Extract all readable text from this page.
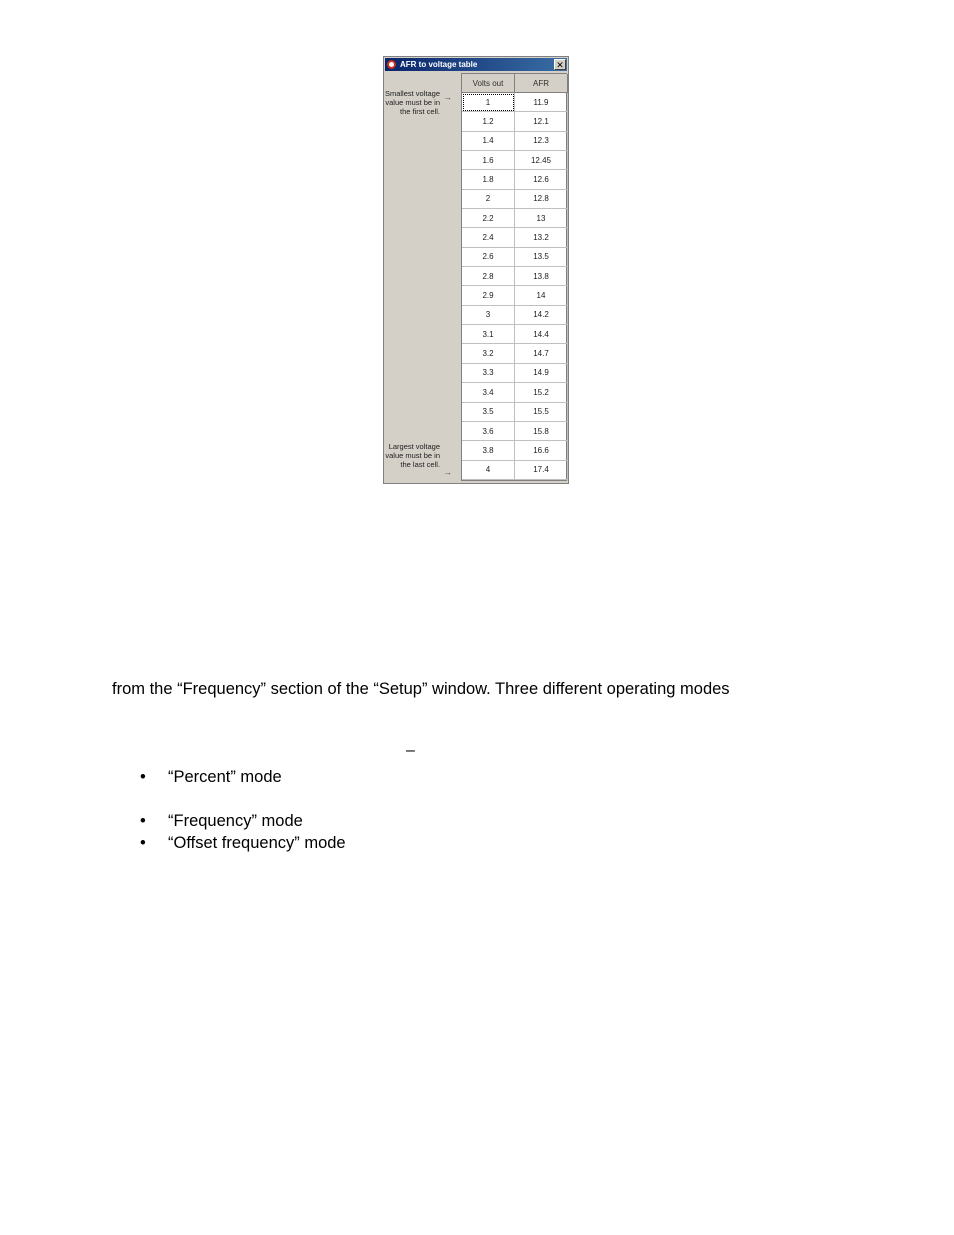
AFR to voltage table	✕
Smallest voltage value must be in the first cell.
→
Largest voltage value must be in the last cell.
→
Volts out	AFR
1	11.9
1.2	12.1
1.4	12.3
1.6	12.45
1.8	12.6
2	12.8
2.2	13
2.4	13.2
2.6	13.5
2.8	13.8
2.9	14
3	14.2
3.1	14.4
3.2	14.7
3.3	14.9
3.4	15.2
3.5	15.5
3.6	15.8
3.8	16.6
4	17.4
from the “Frequency” section of the “Setup” window. Three different operating modes
–
• “Percent” mode
• “Frequency” mode
• “Offset frequency” mode
